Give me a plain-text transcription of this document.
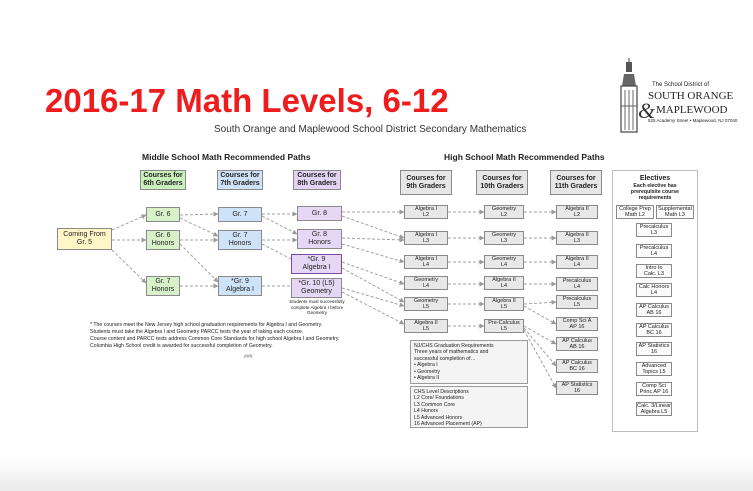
2016-17 Math Levels, 6-12
South Orange and Maplewood School District Secondary Mathematics
The School District of
SOUTH ORANGE
& MAPLEWOOD
525 Academy Street • Maplewood, NJ 07040
Middle School Math Recommended Paths
Courses for
6th Graders
Courses for
7th Graders
Courses for
8th Graders
Coming From
Gr. 5
Gr. 6
Gr. 6
Honors
Gr. 7
Honors
Gr. 7
Gr. 7
Honors
*Gr. 9
Algebra I
Gr. 8
Gr. 8
Honors
*Gr. 9
Algebra I
*Gr. 10 (L5)
Geometry
Students must successfully
complete Algebra I before
Geometry
* The courses meet the New Jersey high school graduation requirements for Algebra I and Geometry.
Students must take the Algebra I and Geometry PARCC tests the year of taking each course.
Course content and PARCC tests address Common Core Standards for high school Algebra I and Geometry.
Columbia High School credit is awarded for successful completion of Geometry.
###
High School Math Recommended Paths
Courses for
9th Graders
Courses for
10th Graders
Courses for
11th Graders
Algebra I
L2
Algebra I
L3
Algebra I
L4
Geometry
L4
Geometry
L5
Algebra II
L5
Geometry
L2
Geometry
L3
Geometry
L4
Algebra II
L4
Algebra II
L5
Pre-Calculus
L5
Algebra II
L2
Algebra II
L3
Algebra II
L4
Precalculus
L4
Precalculus
L5
Comp Sci A
AP 16
AP Calculus
AB 16
AP Calculus
BC 16
AP Statistics
16
NJ/CHS Graduation Requirements
Three years of mathematics and
successful completion of…
• Algebra I
• Geometry
• Algebra II
CHS Level Descriptions
L2 Core/ Foundations
L3 Common Core
L4 Honors
L5 Advanced Honors
16 Advanced Placement (AP)
Electives
Each elective has
prerequisite course
requirements
College Prep
Math L2
Supplemental
Math L3
Precalculus
L3
Precalculus
L4
Intro to
Calc. L3
Calc Honors
L4
AP Calculus
AB 16
AP Calculus
BC 16
AP Statistics
16
Advanced
Topics L5
Comp Sci
Princ AP 16
Calc. 3/Linear
Algebra L5
